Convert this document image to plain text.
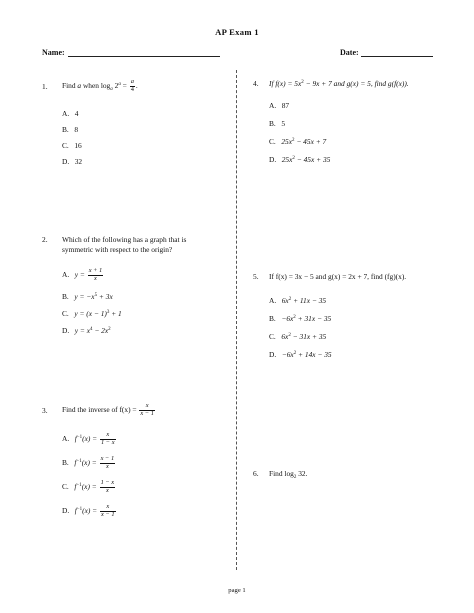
AP Exam 1
Name:	Date:
1. Find a when $\log_a 2^a = \frac{a}{4}$ .
A. 4
B. 8
C. 16
D. 32
2. Which of the following has a graph that is
symmetric with respect to the origin?
A. $y = \frac{x + 1}{x}$
B. $y = -x^5 + 3x$
C. $y = (x - 1)^3 + 1$
D. $y = x^4 - 2x^2$
3. Find the inverse of $f(x) = \frac{x}{x - 1}$
A. $f^{-1}(x) = \frac{x}{1 - x}$
B. $f^{-1}(x) = \frac{x - 1}{x}$
C. $f^{-1}(x) = \frac{1 - x}{x}$
D. $f^{-1}(x) = \frac{x}{x - 1}$
4. If $f(x) = 5x^2 - 9x + 7$ and g(x) = 5, find g(f(x)).
A. 87
B. 5
C. $25x^2 - 45x + 7$
D. $25x^2 - 45x + 35$
5. If f(x) = 3x − 5 and g(x) = 2x + 7, find (fg)(x).
A. $6x^2 + 11x - 35$
B. $-6x^2 + 31x - 35$
C. $6x^2 - 31x + 35$
D. $-6x^2 + 14x - 35$
6. Find $\log_2 32$.
page 1
